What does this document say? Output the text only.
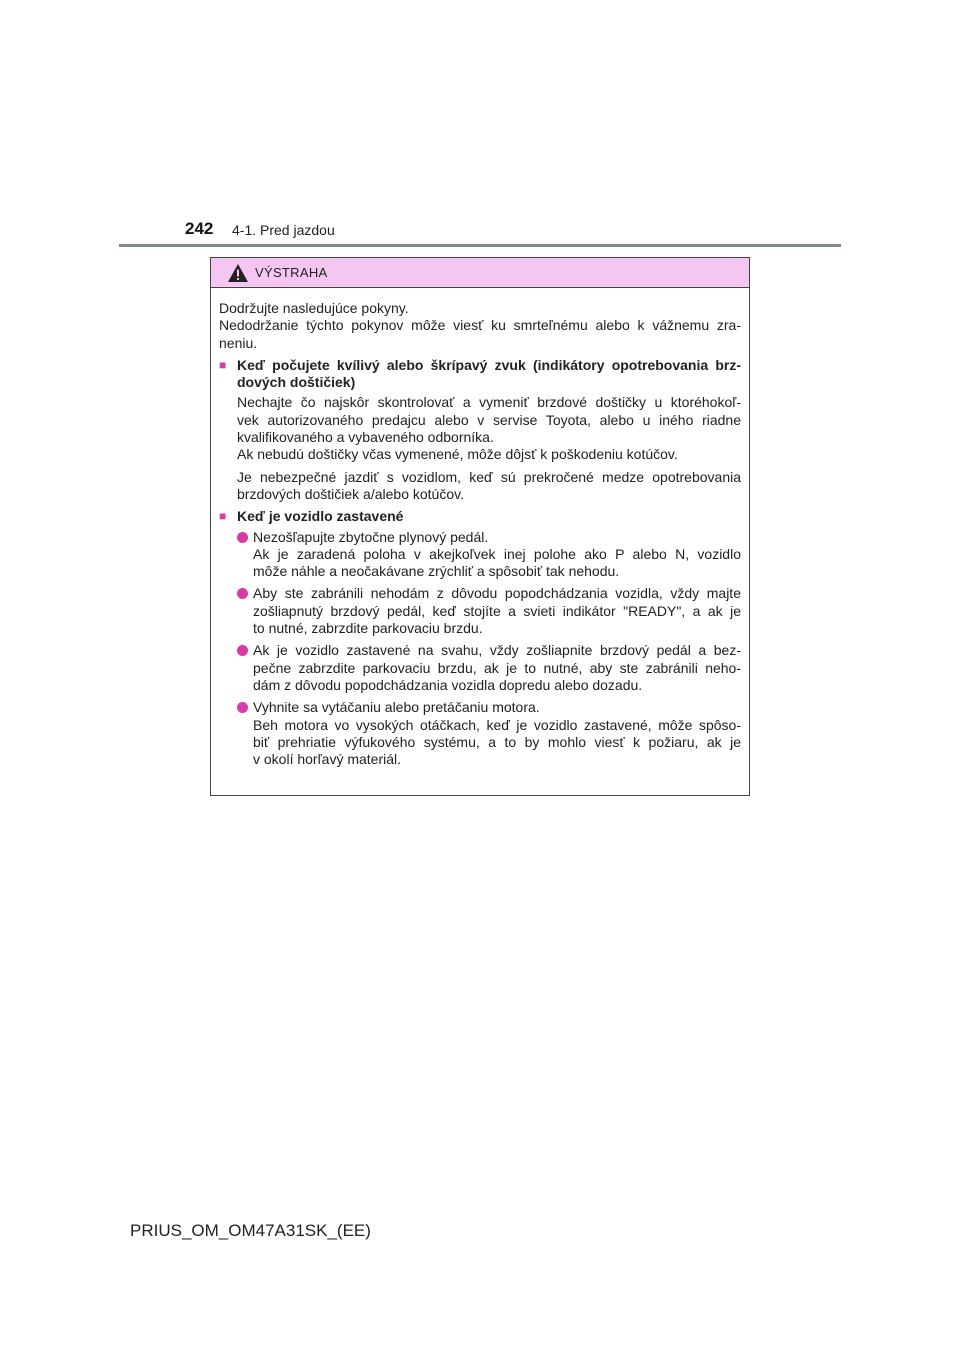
242 4-1. Pred jazdou
VÝSTRAHA

Dodržujte nasledujúce pokyny.

Nedodržanie týchto pokynov môže viesť ku smrteľnému alebo k vážnemu zra-
neniu.

■ Keď počujete kvílivý alebo škrípavý zvuk (indikátory opotrebovania brz-
dových doštičiek)

Nechajte čo najskôr skontrolovať a vymeniť brzdové doštičky u ktoréhokoľ-
vek autorizovaného predajcu alebo v servise Toyota, alebo u iného riadne
kvalifikovaného a vybaveného odborníka.
Ak nebudú doštičky včas vymenené, môže dôjsť k poškodeniu kotúčov.

Je nebezpečné jazdiť s vozidlom, keď sú prekročené medze opotrebovania
brzdových doštičiek a/alebo kotúčov.

■ Keď je vozidlo zastavené
Nezošľapujte zbytočne plynový pedál.
Ak je zaradená poloha v akejkoľvek inej polohe ako P alebo N, vozidlo
môže náhle a neočakávane zrýchliť a spôsobiť tak nehodu.
Aby ste zabránili nehodám z dôvodu popodchádzania vozidla, vždy majte
zošliapnutý brzdový pedál, keď stojíte a svieti indikátor "READY", a ak je
to nutné, zabrzdite parkovaciu brzdu.
Ak je vozidlo zastavené na svahu, vždy zošliapnite brzdový pedál a bez-
pečne zabrzdite parkovaciu brzdu, ak je to nutné, aby ste zabránili neho-
dám z dôvodu popodchádzania vozidla dopredu alebo dozadu.
Vyhnite sa vytáčaniu alebo pretáčaniu motora.
Beh motora vo vysokých otáčkach, keď je vozidlo zastavené, môže spôso-
biť prehriatie výfukového systému, a to by mohlo viesť k požiaru, ak je
v okolí horľavý materiál.
PRIUS_OM_OM47A31SK_(EE)
